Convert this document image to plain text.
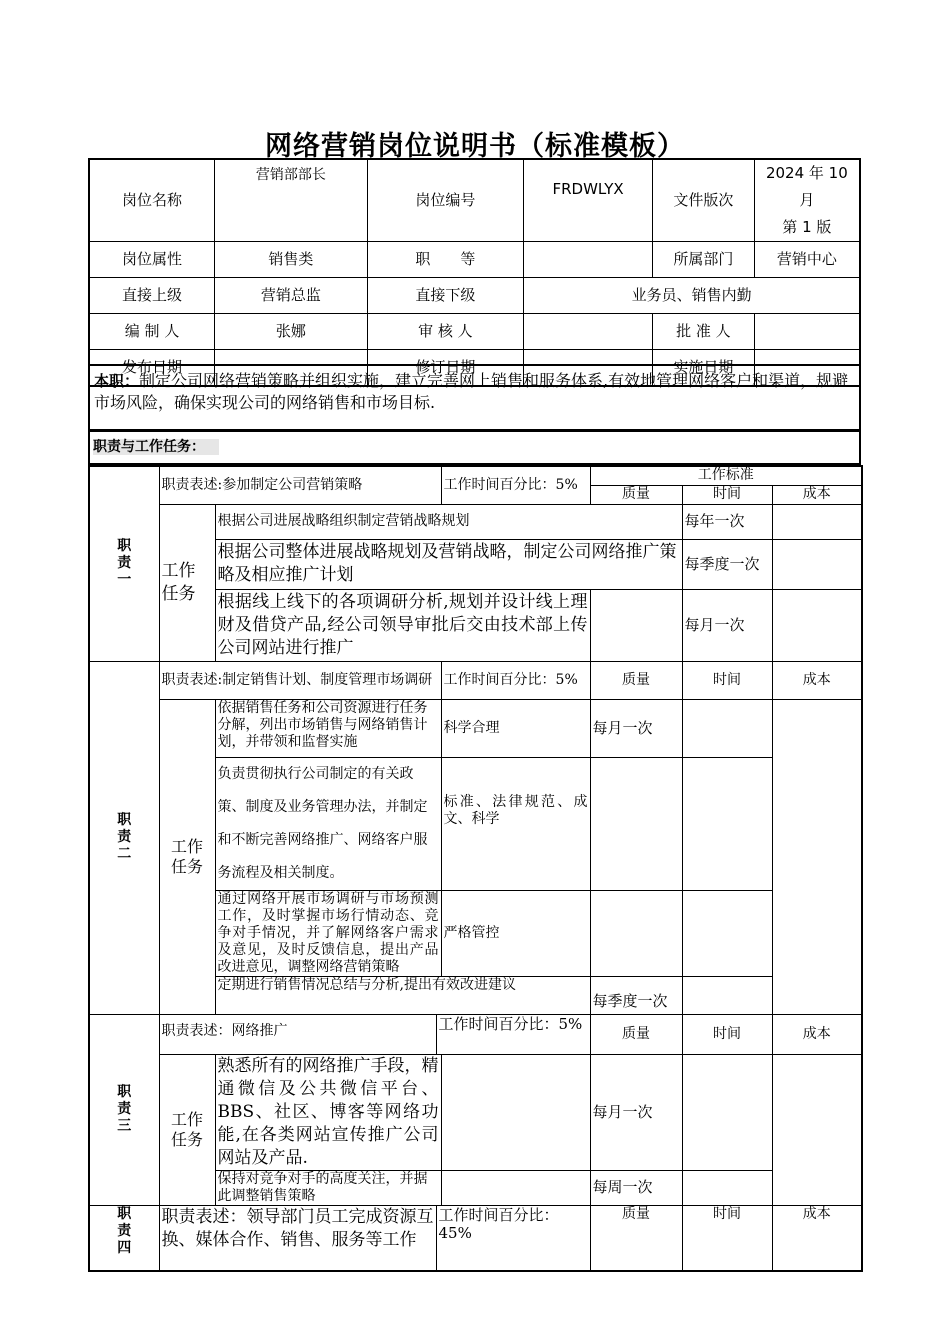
网络营销岗位说明书（标准模板）
岗位名称	营销部部长	岗位编号	FRDWLYX	文件版次	2024 年 10 月
第 1 版

岗位属性	销售类	职　　等		所属部门	营销中心
直接上级	营销总监	直接下级	业务员、销售内勤		
编 制 人	张娜	审 核 人		批 准 人	
发布日期		修订日期		实施日期	
本职：制定公司网络营销策略并组织实施，建立完善网上销售和服务体系,有效地管理网络客户和渠道，规避市场风险，确保实现公司的网络销售和市场目标.
职责与工作任务：
职
责
一	职责表述:参加制定公司营销策略			工作时间百分比：5%	工作标准		
					质量	时间	成本

	工作任务	根据公司进展战略组织制定营销战略规划				每年一次	
		根据公司整体进展战略规划及营销战略，制定公司网络推广策略及相应推广计划				每季度一次	
		根据线上线下的各项调研分析,规划并设计线上理财及借贷产品,经公司领导审批后交由技术部上传公司网站进行推广				每月一次	
职
责
二	职责表述:制定销售计划、制度管理市场调研			工作时间百分比：5%	质量	时间	成本

	工作任务	依据销售任务和公司资源进行任务分解，列出市场销售与网络销售计划，并带领和监督实施		科学合理	每月一次		
		负责贯彻执行公司制定的有关政策、制度及业务管理办法，并制定和不断完善网络推广、网络客户服务流程及相关制度。		标准、法律规范、成文、科学			
		通过网络开展市场调研与市场预测工作，及时掌握市场行情动态、竞争对手情况，并了解网络客户需求及意见，及时反馈信息，提出产品改进意见，调整网络营销策略		严格管控			
		定期进行销售情况总结与分析,提出有效改进建议			每季度一次		
职
责
三	职责表述：网络推广		工作时间百分比：5%		质量	时间	成本

	工作任务	熟悉所有的网络推广手段，精通微信及公共微信平台、BBS、社区、博客等网络功能,在各类网站宣传推广公司网站及产品.			每月一次		
		保持对竞争对手的高度关注，并据此调整销售策略			每周一次		
职
责
四	职责表述：领导部门员工完成资源互换、媒体合作、销售、服务等工作		工作时间百分比：45%		质量	时间	成本
